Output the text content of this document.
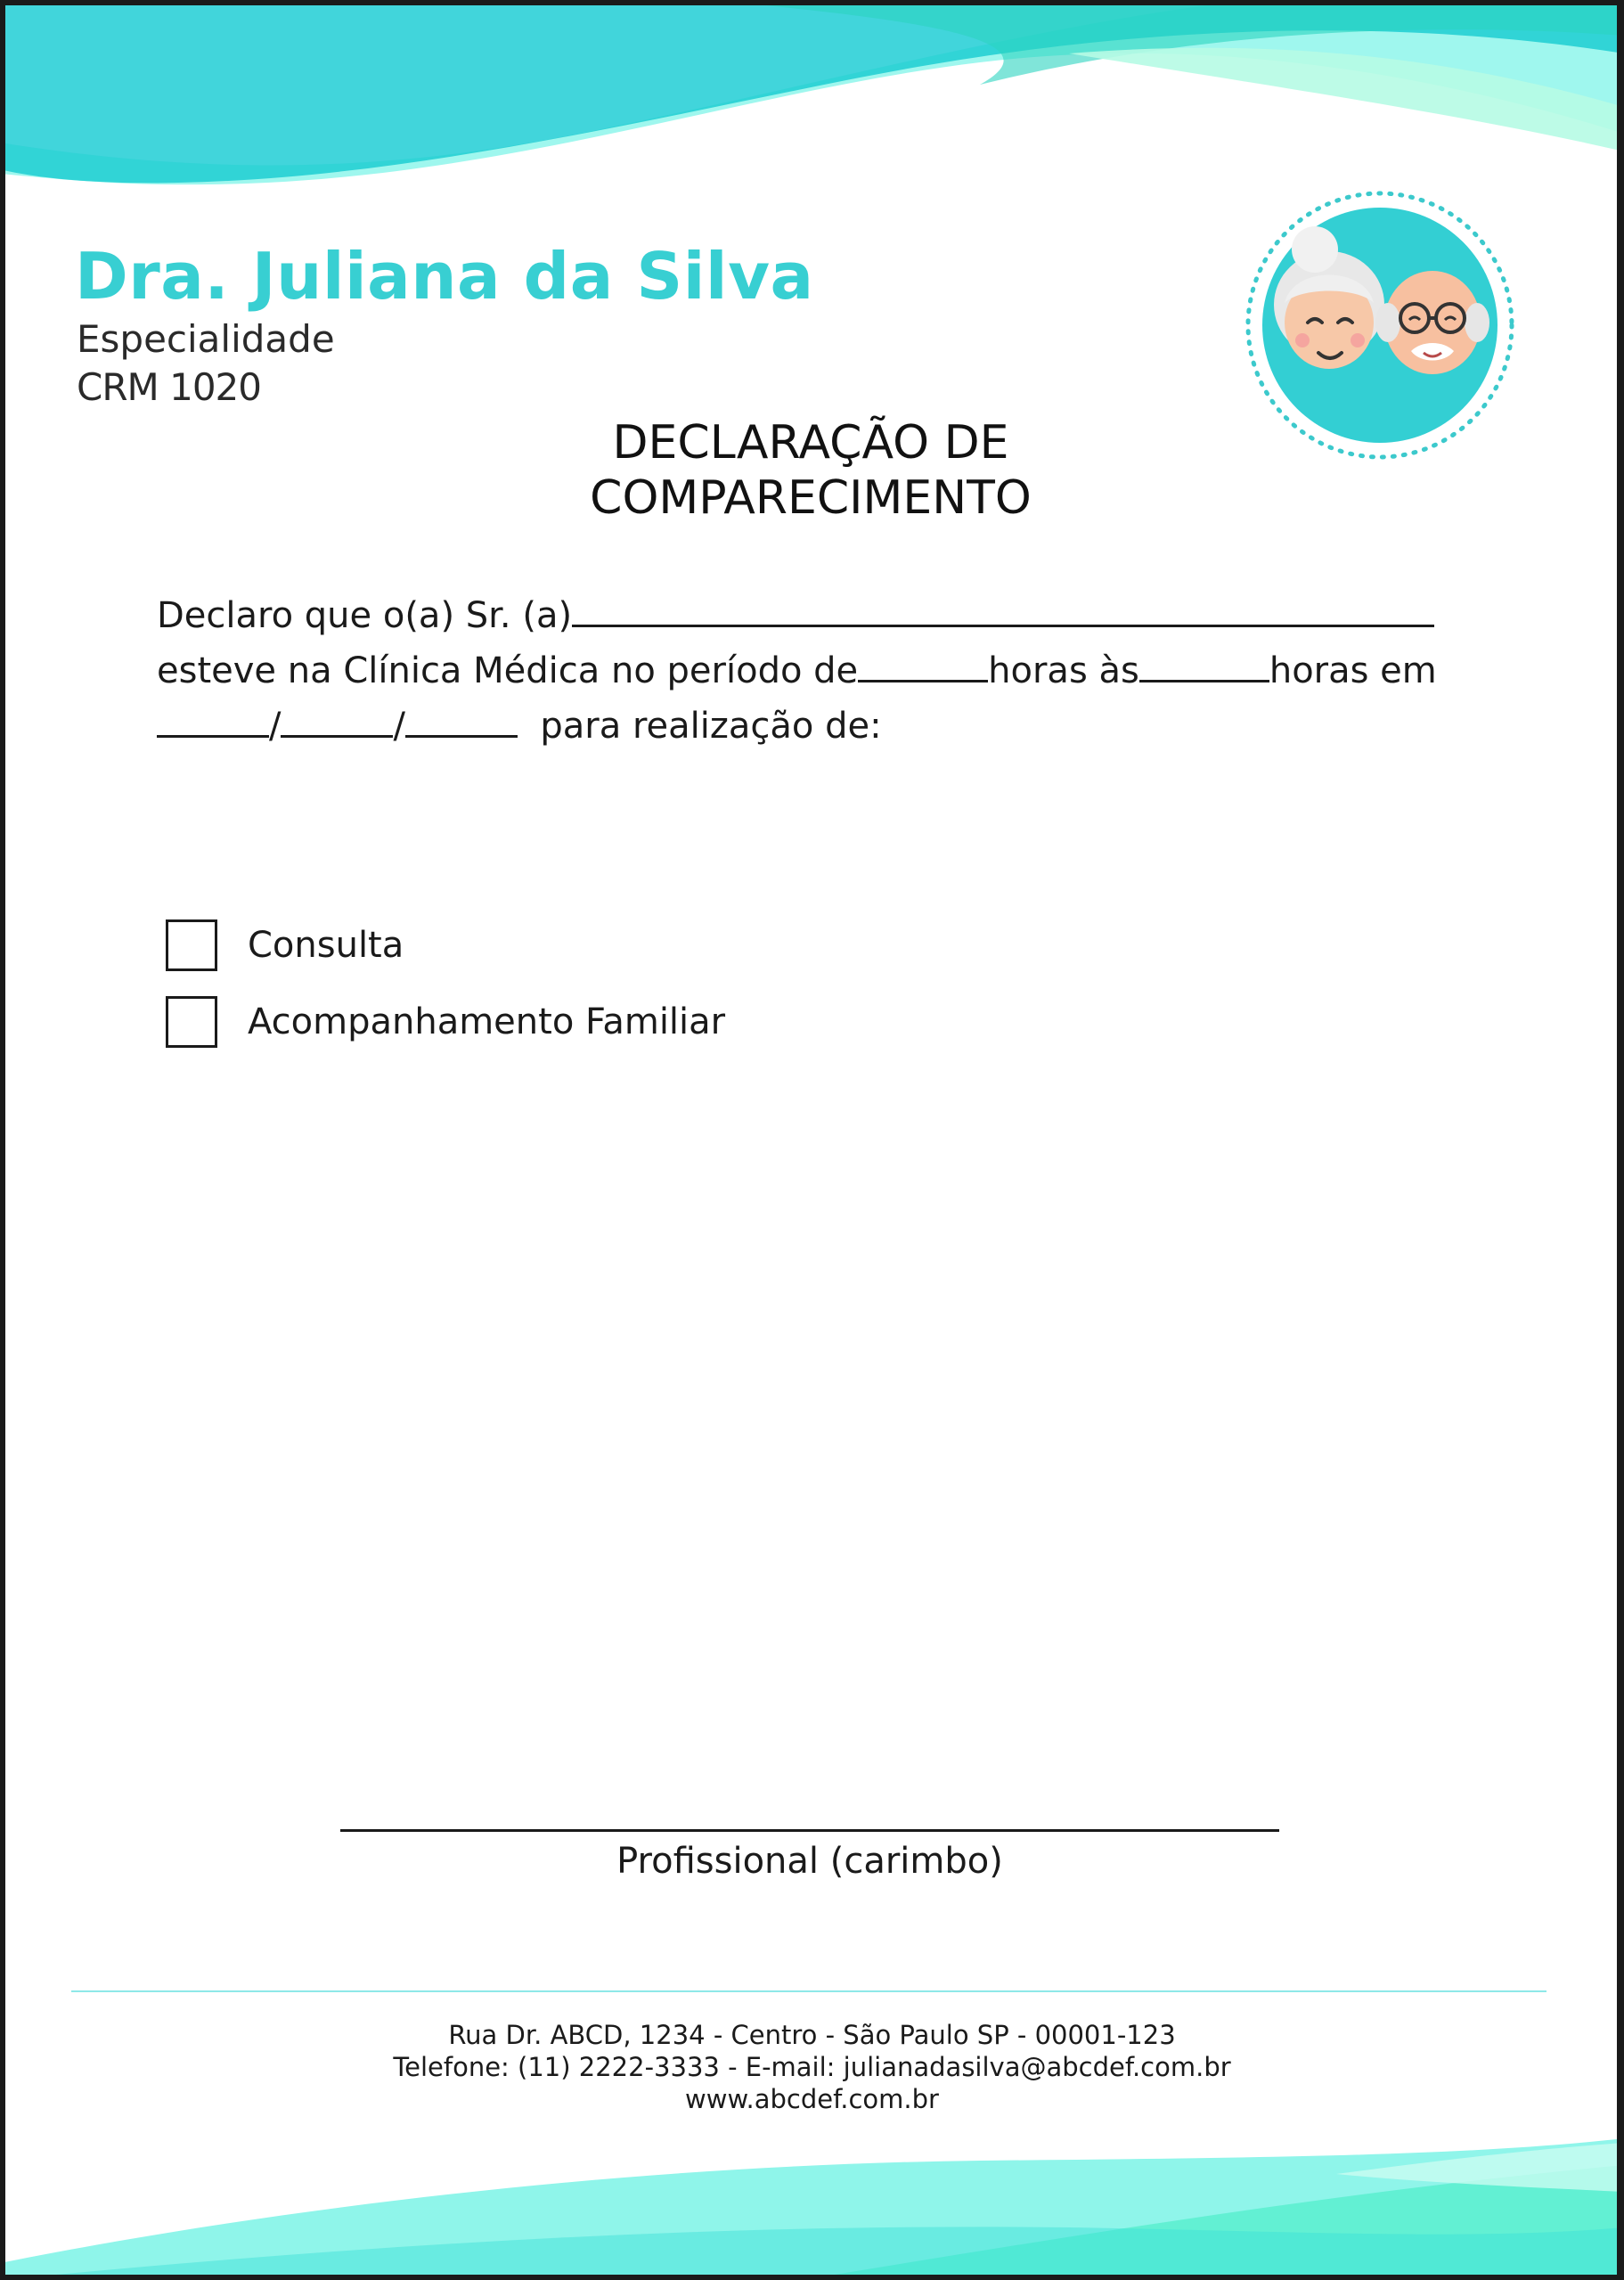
Dra. Juliana da Silva
Especialidade
CRM 1020
DECLARAÇÃO DE
COMPARECIMENTO
Declaro que o(a) Sr. (a)
esteve na Clínica Médica no período de	horas às	horas em
/	/	para realização de:
Consulta
Acompanhamento Familiar
Profissional (carimbo)
Rua Dr. ABCD, 1234 - Centro - São Paulo SP - 00001-123
Telefone: (11) 2222-3333 - E-mail: julianadasilva@abcdef.com.br
www.abcdef.com.br
